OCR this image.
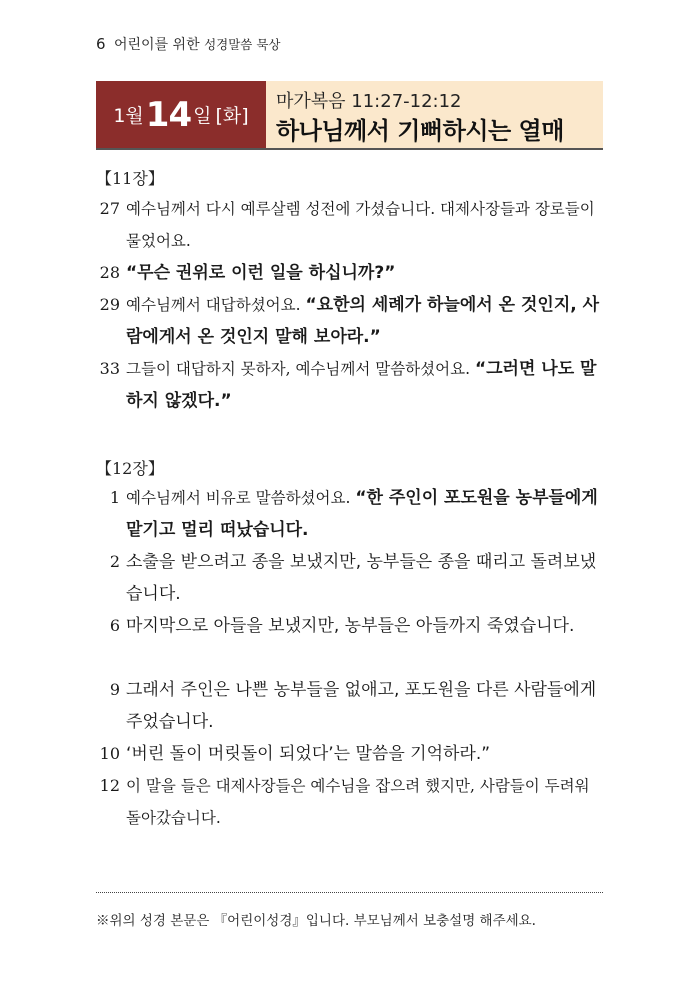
6 어린이를 위한 성경말씀 묵상
1월 14 일 [화]
마가복음 11:27-12:12
하나님께서 기뻐하시는 열매
【11장】
27 예수님께서 다시 예루살렘 성전에 가셨습니다. 대제사장들과 장로들이 물었어요.
28 “무슨 권위로 이런 일을 하십니까?”
29 예수님께서 대답하셨어요. “요한의 세례가 하늘에서 온 것인지, 사람에게서 온 것인지 말해 보아라.”
33 그들이 대답하지 못하자, 예수님께서 말씀하셨어요. “그러면 나도 말하지 않겠다.”
【12장】
1 예수님께서 비유로 말씀하셨어요. “한 주인이 포도원을 농부들에게 맡기고 멀리 떠났습니다.
2 소출을 받으려고 종을 보냈지만, 농부들은 종을 때리고 돌려보냈습니다.
6 마지막으로 아들을 보냈지만, 농부들은 아들까지 죽였습니다.
9 그래서 주인은 나쁜 농부들을 없애고, 포도원을 다른 사람들에게 주었습니다.
10 ‘버린 돌이 머릿돌이 되었다’는 말씀을 기억하라.”
12 이 말을 들은 대제사장들은 예수님을 잡으려 했지만, 사람들이 두려워 돌아갔습니다.
※위의 성경 본문은 『어린이성경』입니다. 부모님께서 보충설명 해주세요.
